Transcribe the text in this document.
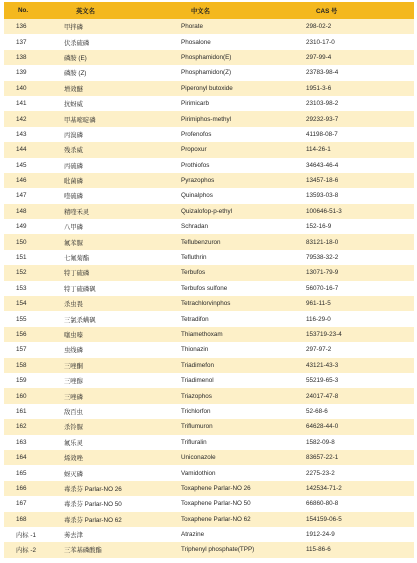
No.	英文名	中文名	CAS 号
136	甲拌磷	Phorate	298-02-2
137	伏杀硫磷	Phosalone	2310-17-0
138	磷胺 (E)	Phosphamidon(E)	297-99-4
139	磷胺 (Z)	Phosphamidon(Z)	23783-98-4
140	增效醚	Piperonyl butoxide	1951-3-6
141	抗蚜威	Pirimicarb	23103-98-2
142	甲基嘧啶磷	Pirimiphos-methyl	29232-93-7
143	丙溴磷	Profenofos	41198-08-7
144	残杀威	Propoxur	114-26-1
145	丙硫磷	Prothiofos	34643-46-4
146	吡菌磷	Pyrazophos	13457-18-6
147	喹硫磷	Quinalphos	13593-03-8
148	精喹禾灵	Quizalofop-p-ethyl	100646-51-3
149	八甲磷	Schradan	152-16-9
150	氟苯脲	Teflubenzuron	83121-18-0
151	七氟菊酯	Tefluthrin	79538-32-2
152	特丁硫磷	Terbufos	13071-79-9
153	特丁硫磷砜	Terbufos sulfone	56070-16-7
154	杀虫畏	Tetrachlorvinphos	961-11-5
155	三氯杀螨砜	Tetradifon	116-29-0
156	噻虫嗪	Thiamethoxam	153719-23-4
157	虫线磷	Thionazin	297-97-2
158	三唑酮	Triadimefon	43121-43-3
159	三唑醇	Triadimenol	55219-65-3
160	三唑磷	Triazophos	24017-47-8
161	敌百虫	Trichlorfon	52-68-6
162	杀铃脲	Triflumuron	64628-44-0
163	氟乐灵	Trifluralin	1582-09-8
164	烯效唑	Uniconazole	83657-22-1
165	蚜灭磷	Vamidothion	2275-23-2
166	毒杀芬 Parlar-NO 26	Toxaphene Parlar-NO 26	142534-71-2
167	毒杀芬 Parlar-NO 50	Toxaphene Parlar-NO 50	66860-80-8
168	毒杀芬 Parlar-NO 62	Toxaphene Parlar-NO 62	154159-06-5
内标 -1	莠去津	Atrazine	1912-24-9
内标 -2	三苯基磷酸酯	Triphenyl phosphate(TPP)	115-86-6
